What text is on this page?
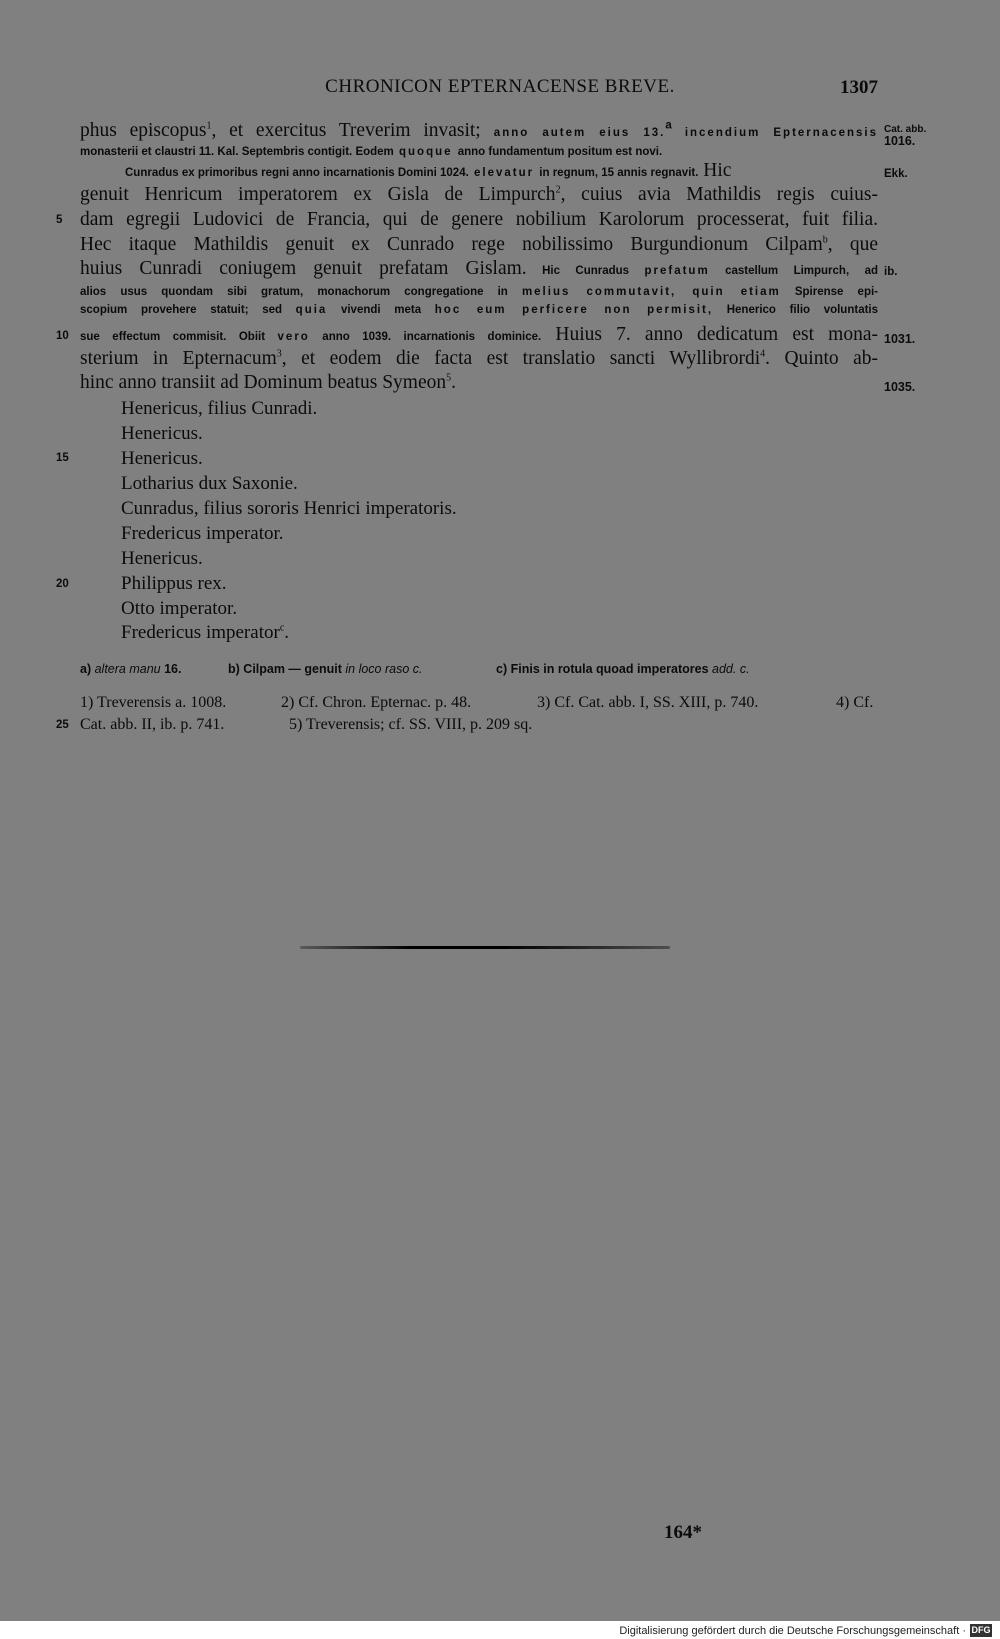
CHRONICON EPTERNACENSE BREVE.	1307
phus episcopus$^1$, et exercitus Treverim invasit; anno autem eius 13.$^a$ incendium Epternacensis Cat. abb.
1016.
monasterii et claustri 11. Kal. Septembris contigit. Eodem quoque anno fundamentum positum est novi.
Cunradus ex primoribus regni anno incarnationis Domini 1024. elevatur in regnum, 15 annis regnavit. Hic	Ekk.
genuit Henricum imperatorem ex Gisla de Limpurch$^2$, cuius avia Mathildis regis cuius-
5 dam egregii Ludovici de Francia, qui de genere nobilium Karolorum processerat, fuit filia.
Hec itaque Mathildis genuit ex Cunrado rege nobilissimo Burgundionum Cilpam$^b$, que
huius Cunradi coniugem genuit prefatam Gislam. Hic Cunradus prefatum castellum Limpurch, ad ib.
alios usus quondam sibi gratum, monachorum congregatione in melius commutavit, quin etiam Spirense epi-
scopium provehere statuit; sed quia vivendi meta hoc eum perficere non permisit, Henerico filio voluntatis
10 sue effectum commisit. Obiit vero anno 1039. incarnationis dominice. Huius 7. anno dedicatum est mona- 1031.
sterium in Epternacum$^3$, et eodem die facta est translatio sancti Wyllibrordi$^4$. Quinto ab-
hinc anno transiit ad Dominum beatus Symeon$^5$.	1035.
Henericus, filius Cunradi.
Henericus.
15	Henericus.
Lotharius dux Saxonie.
Cunradus, filius sororis Henrici imperatoris.
Fredericus imperator.
Henericus.
20	Philippus rex.
Otto imperator.
Fredericus imperator$^c$.
a) altera manu 16.	b) Cilpam — genuit in loco raso c.	c) Finis in rotula quoad imperatores add. c.
1) Treverensis a. 1008.	2) Cf. Chron. Epternac. p. 48.	3) Cf. Cat. abb. I, SS. XIII, p. 740.	4) Cf.
25 Cat. abb. II, ib. p. 741.	5) Treverensis; cf. SS. VIII, p. 209 sq.
164*
Digitalisierung gefördert durch die Deutsche Forschungsgemeinschaft · DFG
